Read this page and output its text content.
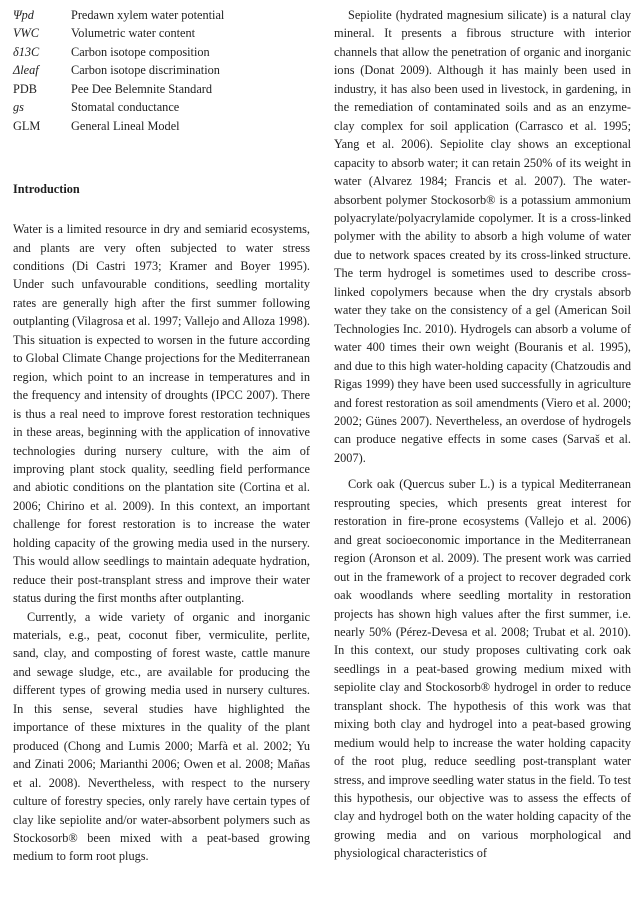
Ψpd	Predawn xylem water potential
VWC	Volumetric water content
δ13C	Carbon isotope composition
Δleaf	Carbon isotope discrimination
PDB	Pee Dee Belemnite Standard
gs	Stomatal conductance
GLM	General Lineal Model
Introduction

Water is a limited resource in dry and semiarid ecosystems, and plants are very often subjected to water stress conditions (Di Castri 1973; Kramer and Boyer 1995). Under such unfavourable conditions, seedling mortality rates are generally high after the first summer following outplanting (Vilagrosa et al. 1997; Vallejo and Alloza 1998). This situation is expected to worsen in the future according to Global Climate Change projections for the Mediterranean region, which point to an increase in temperatures and in the frequency and intensity of droughts (IPCC 2007). There is thus a real need to improve forest restoration techniques in these areas, beginning with the application of innovative technologies during nursery culture, with the aim of improving plant stock quality, seedling field performance and abiotic conditions on the plantation site (Cortina et al. 2006; Chirino et al. 2009). In this context, an important challenge for forest restoration is to increase the water holding capacity of the growing media used in the nursery. This would allow seedlings to maintain adequate hydration, reduce their post-transplant stress and improve their water status during the first months after outplanting.

Currently, a wide variety of organic and inorganic materials, e.g., peat, coconut fiber, vermiculite, perlite, sand, clay, and composting of forest waste, cattle manure and sewage sludge, etc., are available for producing the different types of growing media used in nursery cultures. In this sense, several studies have highlighted the importance of these mixtures in the quality of the plant produced (Chong and Lumis 2000; Marfà et al. 2002; Yu and Zinati 2006; Marianthi 2006; Owen et al. 2008; Mañas et al. 2008). Nevertheless, with respect to the nursery culture of forestry species, only rarely have certain types of clay like sepiolite and/or water-absorbent polymers such as Stockosorb® been mixed with a peat-based growing medium to form root plugs.

Sepiolite (hydrated magnesium silicate) is a natural clay mineral. It presents a fibrous structure with interior channels that allow the penetration of organic and inorganic ions (Donat 2009). Although it has mainly been used in industry, it has also been used in livestock, in gardening, in the remediation of contaminated soils and as an enzyme-clay complex for soil application (Carrasco et al. 1995; Yang et al. 2006). Sepiolite clay shows an exceptional capacity to absorb water; it can retain 250% of its weight in water (Alvarez 1984; Francis et al. 2007). The water-absorbent polymer Stockosorb® is a potassium ammonium polyacrylate/polyacrylamide copolymer. It is a cross-linked polymer with the ability to absorb a high volume of water due to network spaces created by its cross-linked structure. The term hydrogel is sometimes used to describe cross-linked copolymers because when the dry crystals absorb water they take on the consistency of a gel (American Soil Technologies Inc. 2010). Hydrogels can absorb a volume of water 400 times their own weight (Bouranis et al. 1995), and due to this high water-holding capacity (Chatzoudis and Rigas 1999) they have been used successfully in agriculture and forest restoration as soil amendments (Viero et al. 2000; 2002; Günes 2007). Nevertheless, an overdose of hydrogels can produce negative effects in some cases (Sarvaš et al. 2007).

Cork oak (Quercus suber L.) is a typical Mediterranean resprouting species, which presents great interest for restoration in fire-prone ecosystems (Vallejo et al. 2006) and great socioeconomic importance in the Mediterranean region (Aronson et al. 2009). The present work was carried out in the framework of a project to recover degraded cork oak woodlands where seedling mortality in restoration projects has shown high values after the first summer, i.e. nearly 50% (Pérez-Devesa et al. 2008; Trubat et al. 2010). In this context, our study proposes cultivating cork oak seedlings in a peat-based growing medium mixed with sepiolite clay and Stockosorb® hydrogel in order to reduce transplant shock. The hypothesis of this work was that mixing both clay and hydrogel into a peat-based growing medium would help to increase the water holding capacity of the root plug, reduce seedling post-transplant water stress, and improve seedling water status in the field. To test this hypothesis, our objective was to assess the effects of clay and hydrogel both on the water holding capacity of the growing media and on various morphological and physiological characteristics of
